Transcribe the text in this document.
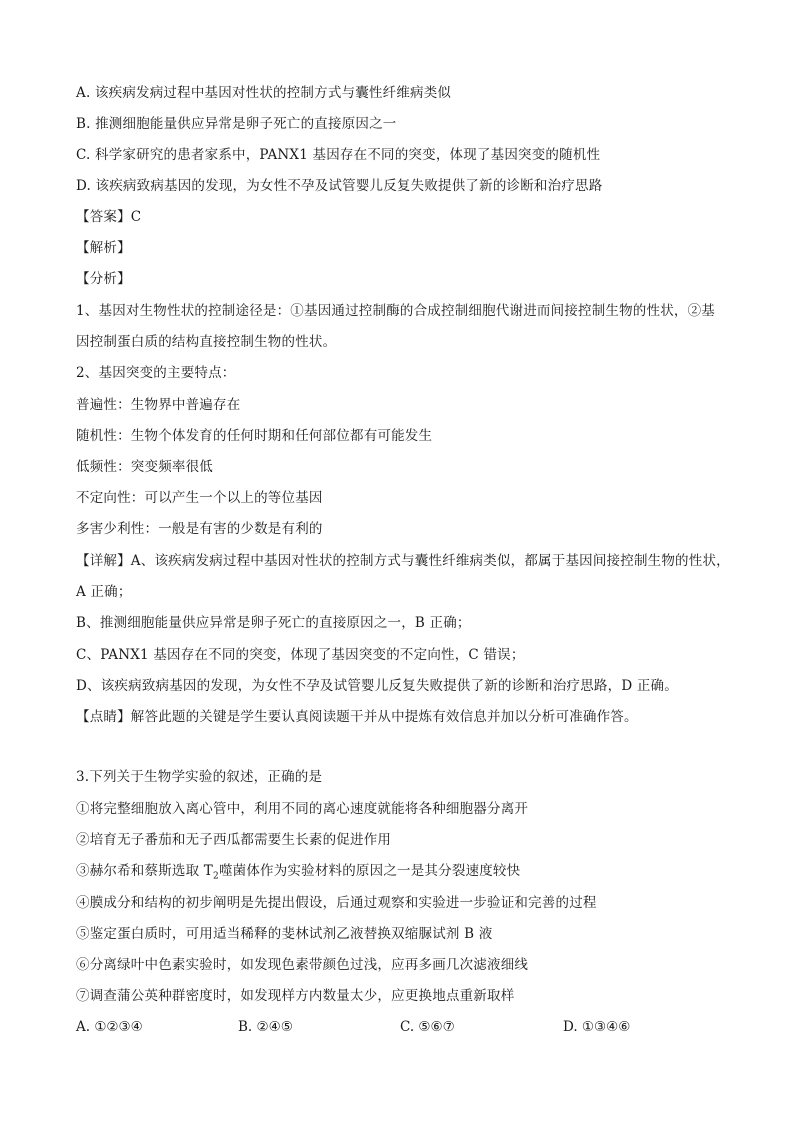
A. 该疾病发病过程中基因对性状的控制方式与囊性纤维病类似
B. 推测细胞能量供应异常是卵子死亡的直接原因之一
C. 科学家研究的患者家系中，PANX1 基因存在不同的突变，体现了基因突变的随机性
D. 该疾病致病基因的发现，为女性不孕及试管婴儿反复失败提供了新的诊断和治疗思路
【答案】C
【解析】
【分析】
1、基因对生物性状的控制途径是：①基因通过控制酶的合成控制细胞代谢进而间接控制生物的性状，②基
因控制蛋白质的结构直接控制生物的性状。
2、基因突变的主要特点：
普遍性：生物界中普遍存在
随机性：生物个体发育的任何时期和任何部位都有可能发生
低频性：突变频率很低
不定向性：可以产生一个以上的等位基因
多害少利性：一般是有害的少数是有利的
【详解】A、该疾病发病过程中基因对性状的控制方式与囊性纤维病类似，都属于基因间接控制生物的性状，
A 正确；
B、推测细胞能量供应异常是卵子死亡的直接原因之一，B 正确；
C、PANX1 基因存在不同的突变，体现了基因突变的不定向性，C 错误；
D、该疾病致病基因的发现，为女性不孕及试管婴儿反复失败提供了新的诊断和治疗思路，D 正确。
【点睛】解答此题的关键是学生要认真阅读题干并从中提炼有效信息并加以分析可准确作答。
3.下列关于生物学实验的叙述，正确的是
①将完整细胞放入离心管中，利用不同的离心速度就能将各种细胞器分离开
②培育无子番茄和无子西瓜都需要生长素的促进作用
③赫尔希和蔡斯选取 $T_2$噬菌体作为实验材料的原因之一是其分裂速度较快
④膜成分和结构的初步阐明是先提出假设，后通过观察和实验进一步验证和完善的过程
⑤鉴定蛋白质时，可用适当稀释的斐林试剂乙液替换双缩脲试剂 B 液
⑥分离绿叶中色素实验时，如发现色素带颜色过浅，应再多画几次滤液细线
⑦调查蒲公英种群密度时，如发现样方内数量太少，应更换地点重新取样
A. ①②③④	B. ②④⑤	C. ⑤⑥⑦	D. ①③④⑥
